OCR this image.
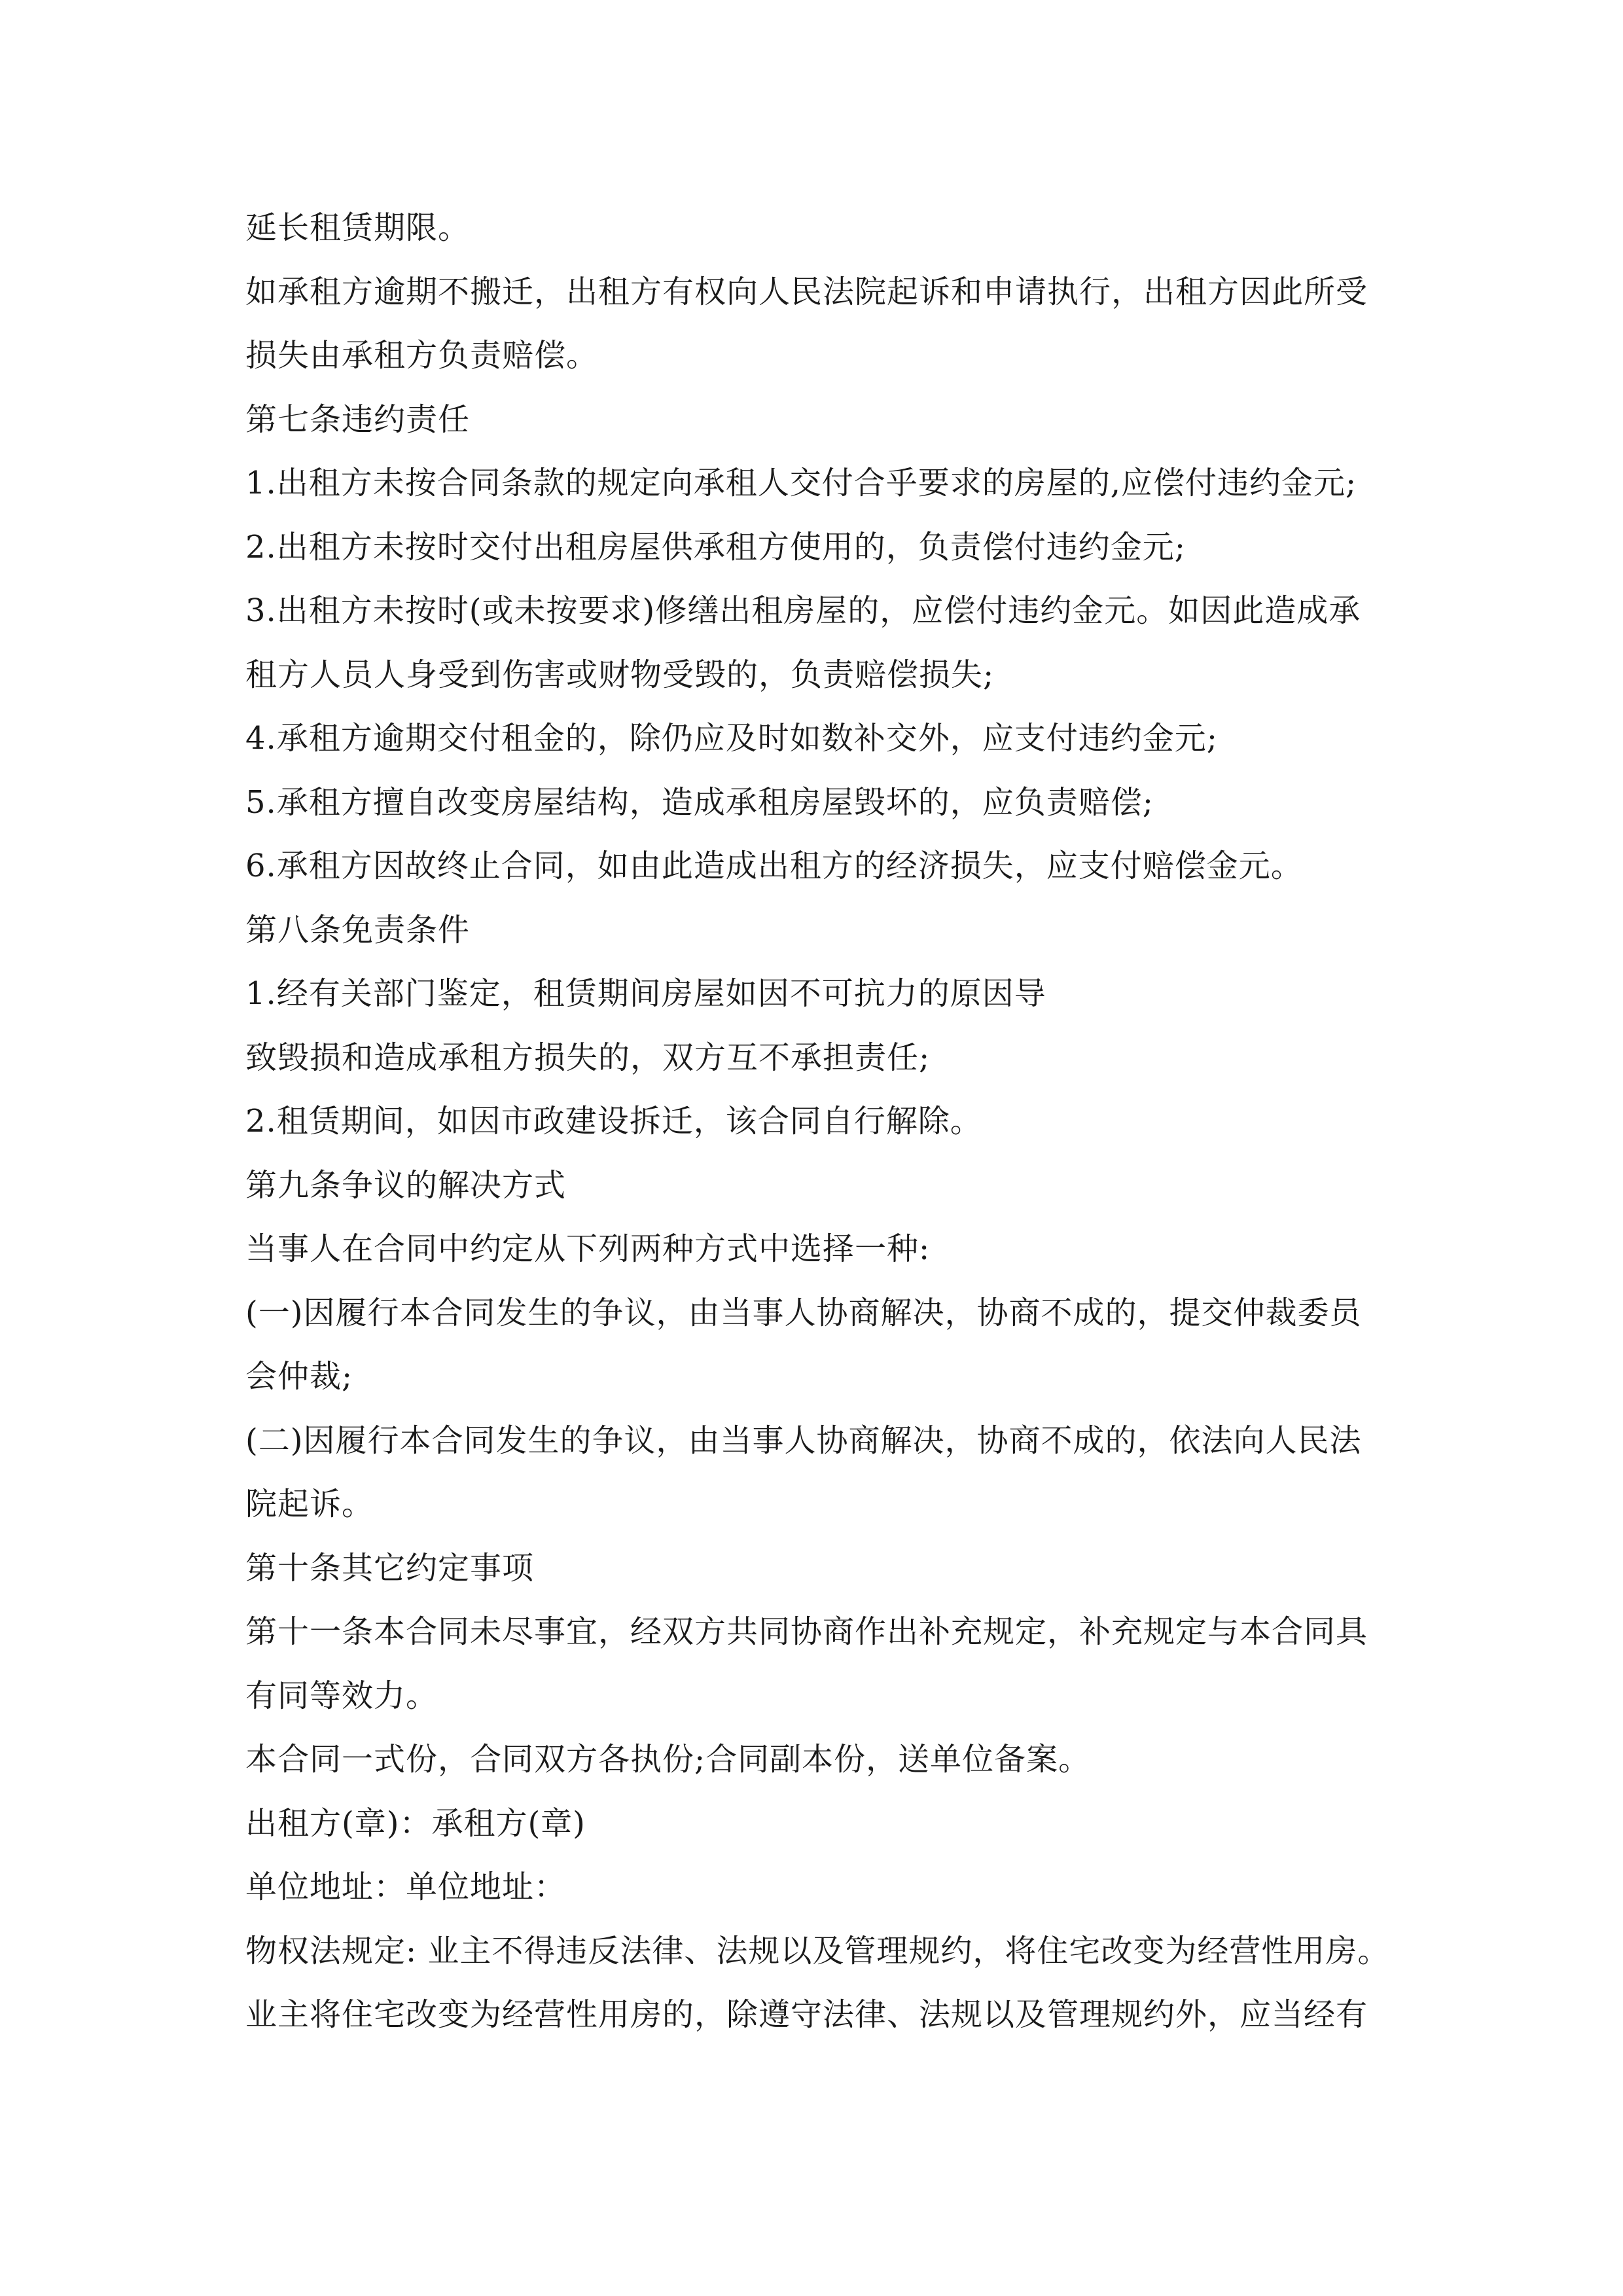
延长租赁期限。
如承租方逾期不搬迁，出租方有权向人民法院起诉和申请执行，出租方因此所受
损失由承租方负责赔偿。
第七条违约责任
1.出租方未按合同条款的规定向承租人交付合乎要求的房屋的,应偿付违约金元;
2.出租方未按时交付出租房屋供承租方使用的，负责偿付违约金元;
3.出租方未按时(或未按要求)修缮出租房屋的，应偿付违约金元。如因此造成承
租方人员人身受到伤害或财物受毁的，负责赔偿损失;
4.承租方逾期交付租金的，除仍应及时如数补交外，应支付违约金元;
5.承租方擅自改变房屋结构，造成承租房屋毁坏的，应负责赔偿;
6.承租方因故终止合同，如由此造成出租方的经济损失，应支付赔偿金元。
第八条免责条件
1.经有关部门鉴定，租赁期间房屋如因不可抗力的原因导
致毁损和造成承租方损失的，双方互不承担责任;
2.租赁期间，如因市政建设拆迁，该合同自行解除。
第九条争议的解决方式
当事人在合同中约定从下列两种方式中选择一种:
(一)因履行本合同发生的争议，由当事人协商解决，协商不成的，提交仲裁委员
会仲裁;
(二)因履行本合同发生的争议，由当事人协商解决，协商不成的，依法向人民法
院起诉。
第十条其它约定事项
第十一条本合同未尽事宜，经双方共同协商作出补充规定，补充规定与本合同具
有同等效力。
本合同一式份，合同双方各执份;合同副本份，送单位备案。
出租方(章)：承租方(章)
单位地址：单位地址：
物权法规定: 业主不得违反法律、法规以及管理规约，将住宅改变为经营性用房。
业主将住宅改变为经营性用房的，除遵守法律、法规以及管理规约外，应当经有
